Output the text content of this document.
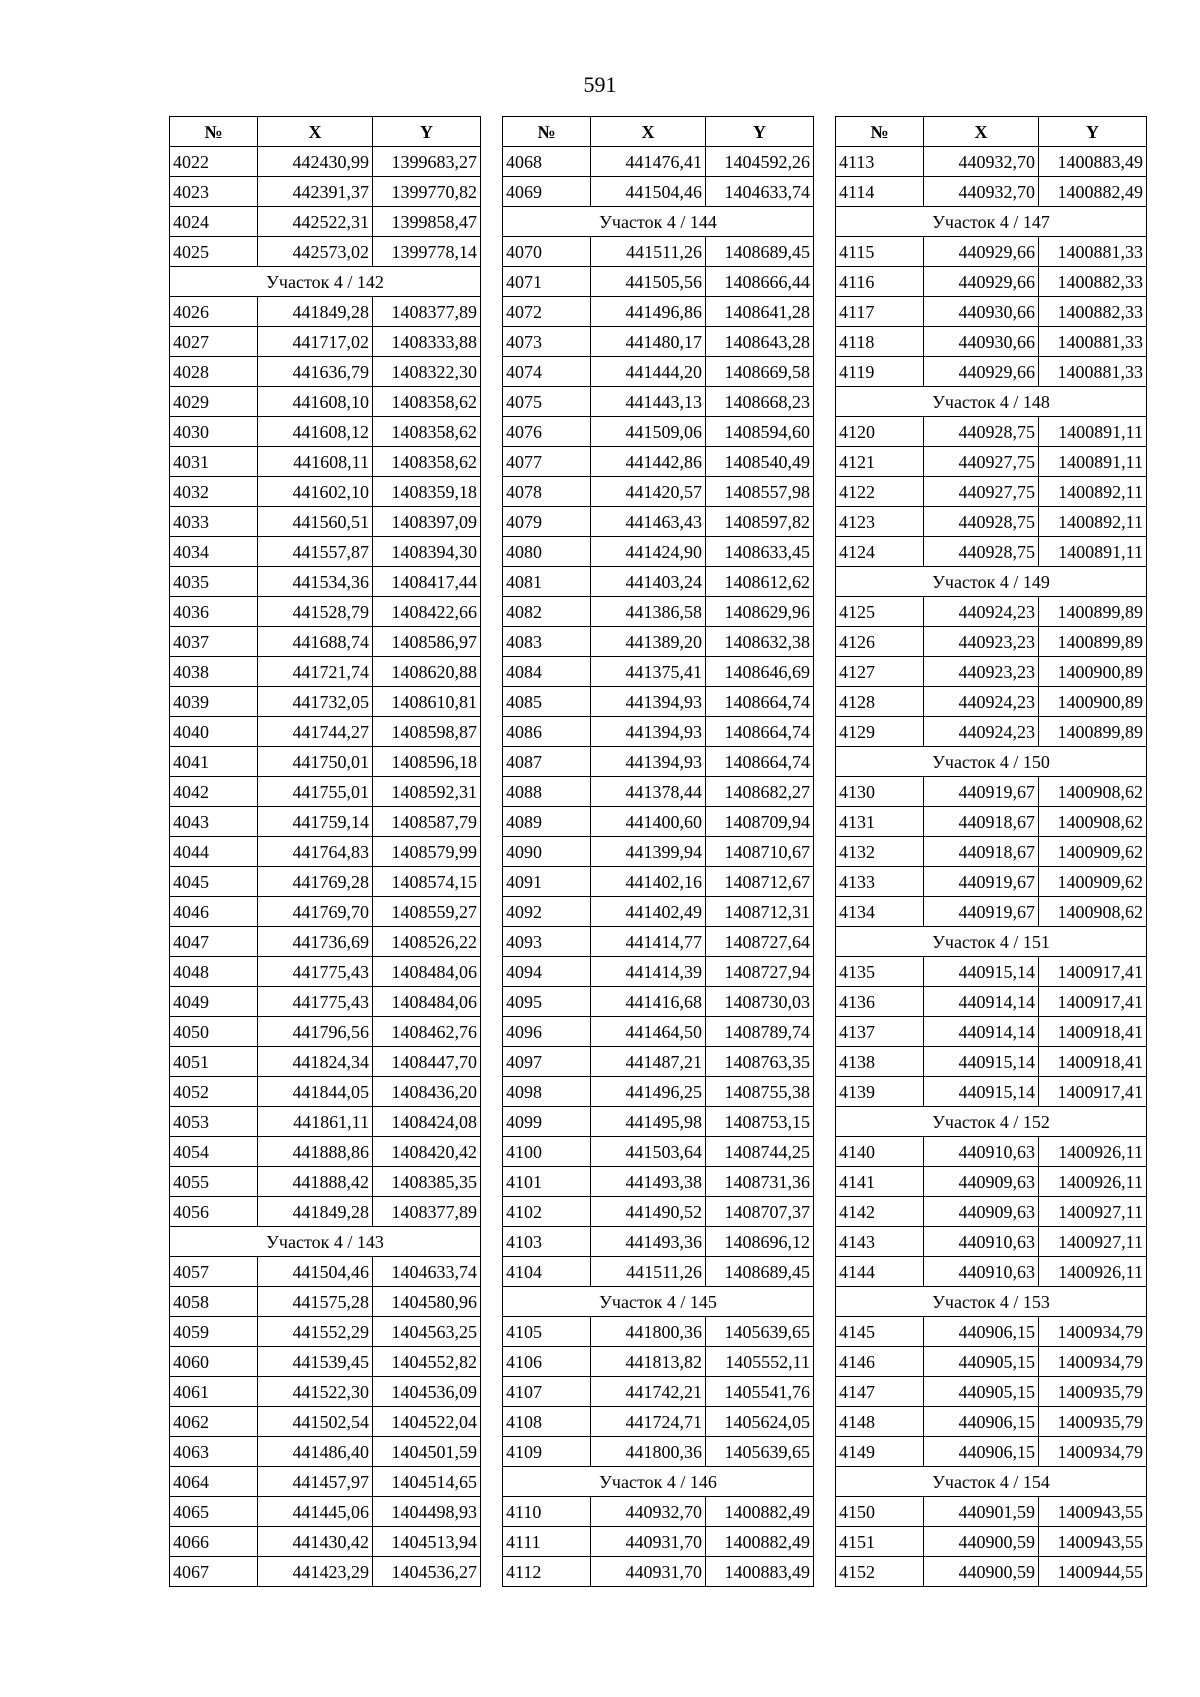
591
№	X	Y
4022	442430,99	1399683,27
4023	442391,37	1399770,82
4024	442522,31	1399858,47
4025	442573,02	1399778,14
Участок 4 / 142		
4026	441849,28	1408377,89
4027	441717,02	1408333,88
4028	441636,79	1408322,30
4029	441608,10	1408358,62
4030	441608,12	1408358,62
4031	441608,11	1408358,62
4032	441602,10	1408359,18
4033	441560,51	1408397,09
4034	441557,87	1408394,30
4035	441534,36	1408417,44
4036	441528,79	1408422,66
4037	441688,74	1408586,97
4038	441721,74	1408620,88
4039	441732,05	1408610,81
4040	441744,27	1408598,87
4041	441750,01	1408596,18
4042	441755,01	1408592,31
4043	441759,14	1408587,79
4044	441764,83	1408579,99
4045	441769,28	1408574,15
4046	441769,70	1408559,27
4047	441736,69	1408526,22
4048	441775,43	1408484,06
4049	441775,43	1408484,06
4050	441796,56	1408462,76
4051	441824,34	1408447,70
4052	441844,05	1408436,20
4053	441861,11	1408424,08
4054	441888,86	1408420,42
4055	441888,42	1408385,35
4056	441849,28	1408377,89
Участок 4 / 143		
4057	441504,46	1404633,74
4058	441575,28	1404580,96
4059	441552,29	1404563,25
4060	441539,45	1404552,82
4061	441522,30	1404536,09
4062	441502,54	1404522,04
4063	441486,40	1404501,59
4064	441457,97	1404514,65
4065	441445,06	1404498,93
4066	441430,42	1404513,94
4067	441423,29	1404536,27
№	X	Y
4068	441476,41	1404592,26
4069	441504,46	1404633,74
Участок 4 / 144		
4070	441511,26	1408689,45
4071	441505,56	1408666,44
4072	441496,86	1408641,28
4073	441480,17	1408643,28
4074	441444,20	1408669,58
4075	441443,13	1408668,23
4076	441509,06	1408594,60
4077	441442,86	1408540,49
4078	441420,57	1408557,98
4079	441463,43	1408597,82
4080	441424,90	1408633,45
4081	441403,24	1408612,62
4082	441386,58	1408629,96
4083	441389,20	1408632,38
4084	441375,41	1408646,69
4085	441394,93	1408664,74
4086	441394,93	1408664,74
4087	441394,93	1408664,74
4088	441378,44	1408682,27
4089	441400,60	1408709,94
4090	441399,94	1408710,67
4091	441402,16	1408712,67
4092	441402,49	1408712,31
4093	441414,77	1408727,64
4094	441414,39	1408727,94
4095	441416,68	1408730,03
4096	441464,50	1408789,74
4097	441487,21	1408763,35
4098	441496,25	1408755,38
4099	441495,98	1408753,15
4100	441503,64	1408744,25
4101	441493,38	1408731,36
4102	441490,52	1408707,37
4103	441493,36	1408696,12
4104	441511,26	1408689,45
Участок 4 / 145		
4105	441800,36	1405639,65
4106	441813,82	1405552,11
4107	441742,21	1405541,76
4108	441724,71	1405624,05
4109	441800,36	1405639,65
Участок 4 / 146		
4110	440932,70	1400882,49
4111	440931,70	1400882,49
4112	440931,70	1400883,49
№	X	Y
4113	440932,70	1400883,49
4114	440932,70	1400882,49
Участок 4 / 147		
4115	440929,66	1400881,33
4116	440929,66	1400882,33
4117	440930,66	1400882,33
4118	440930,66	1400881,33
4119	440929,66	1400881,33
Участок 4 / 148		
4120	440928,75	1400891,11
4121	440927,75	1400891,11
4122	440927,75	1400892,11
4123	440928,75	1400892,11
4124	440928,75	1400891,11
Участок 4 / 149		
4125	440924,23	1400899,89
4126	440923,23	1400899,89
4127	440923,23	1400900,89
4128	440924,23	1400900,89
4129	440924,23	1400899,89
Участок 4 / 150		
4130	440919,67	1400908,62
4131	440918,67	1400908,62
4132	440918,67	1400909,62
4133	440919,67	1400909,62
4134	440919,67	1400908,62
Участок 4 / 151		
4135	440915,14	1400917,41
4136	440914,14	1400917,41
4137	440914,14	1400918,41
4138	440915,14	1400918,41
4139	440915,14	1400917,41
Участок 4 / 152		
4140	440910,63	1400926,11
4141	440909,63	1400926,11
4142	440909,63	1400927,11
4143	440910,63	1400927,11
4144	440910,63	1400926,11
Участок 4 / 153		
4145	440906,15	1400934,79
4146	440905,15	1400934,79
4147	440905,15	1400935,79
4148	440906,15	1400935,79
4149	440906,15	1400934,79
Участок 4 / 154		
4150	440901,59	1400943,55
4151	440900,59	1400943,55
4152	440900,59	1400944,55
